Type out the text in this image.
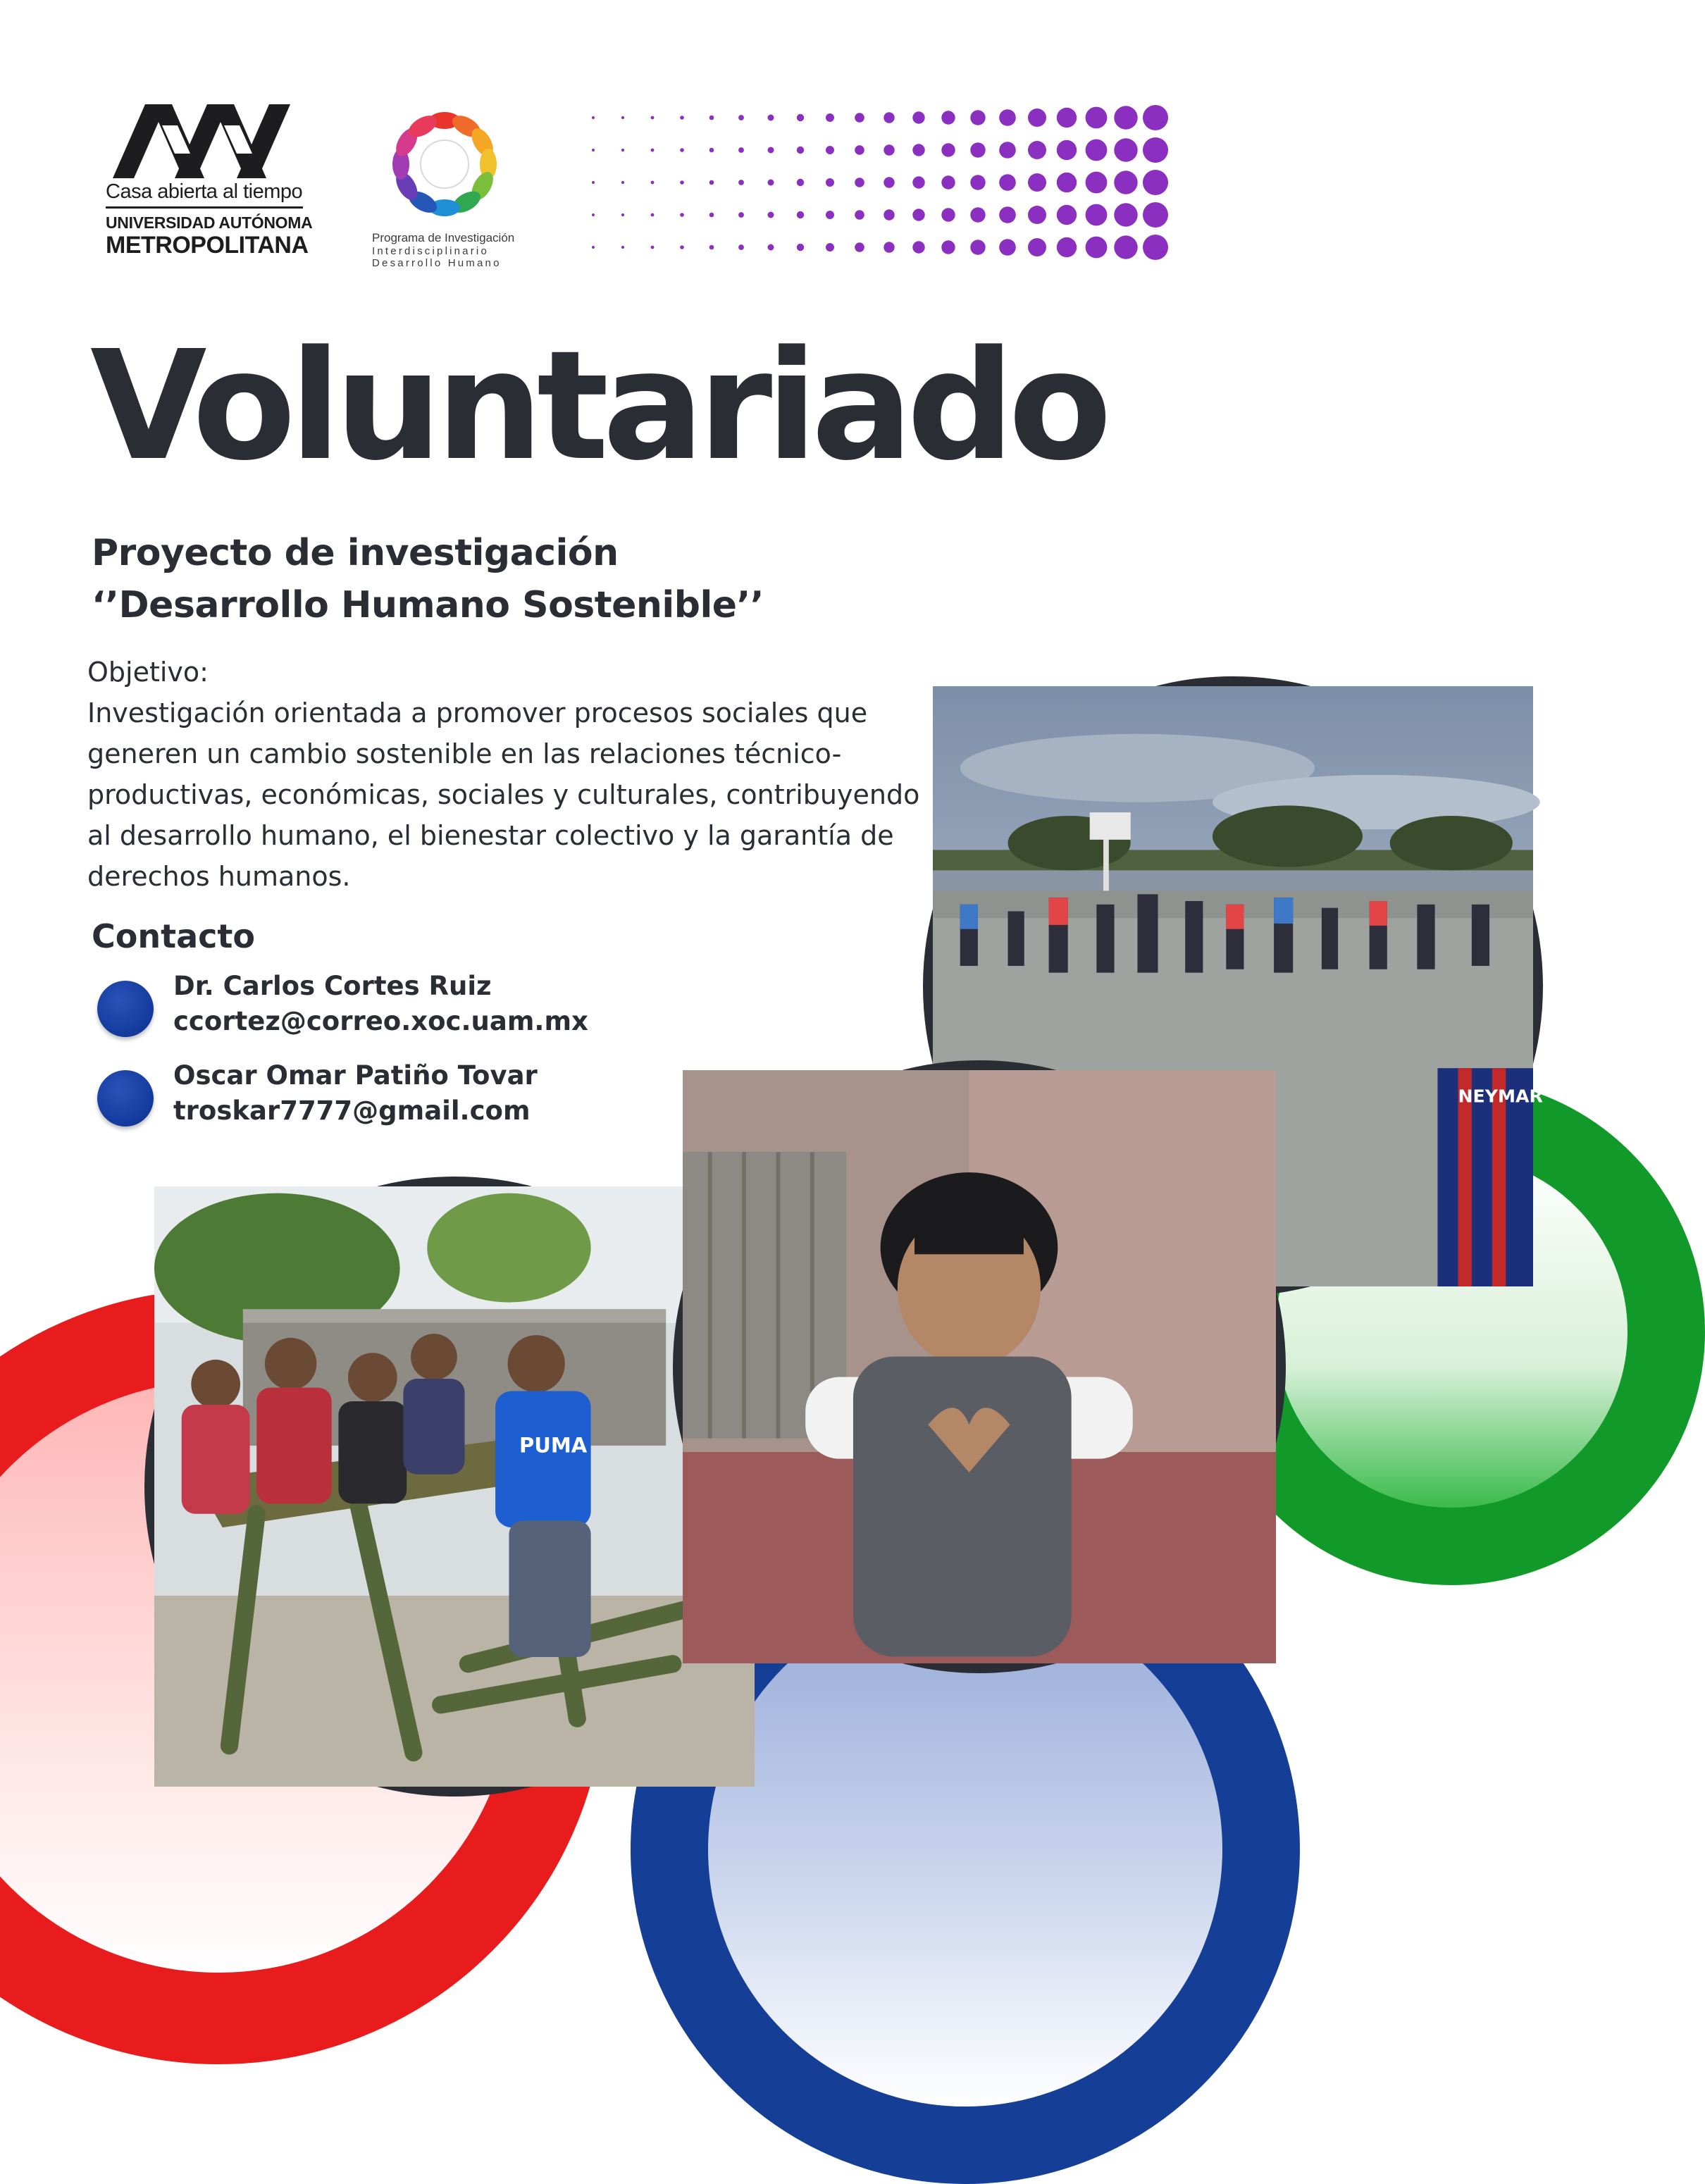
Casa abierta al tiempo
UNIVERSIDAD AUTÓNOMA
METROPOLITANA	Programa de Investigación
Interdisciplinario
Desarrollo Humano
Voluntariado
Proyecto de investigación
‘’Desarrollo Humano Sostenible’’

Objetivo:

Investigación orientada a promover procesos sociales que generen un cambio sostenible en las relaciones técnico-productivas, económicas, sociales y culturales, contribuyendo al desarrollo humano, el bienestar colectivo y la garantía de derechos humanos.

Contacto
Dr. Carlos Cortes Ruiz
ccortez@correo.xoc.uam.mx
Oscar Omar Patiño Tovar
troskar7777@gmail.com	NEYMAR
PUMA
